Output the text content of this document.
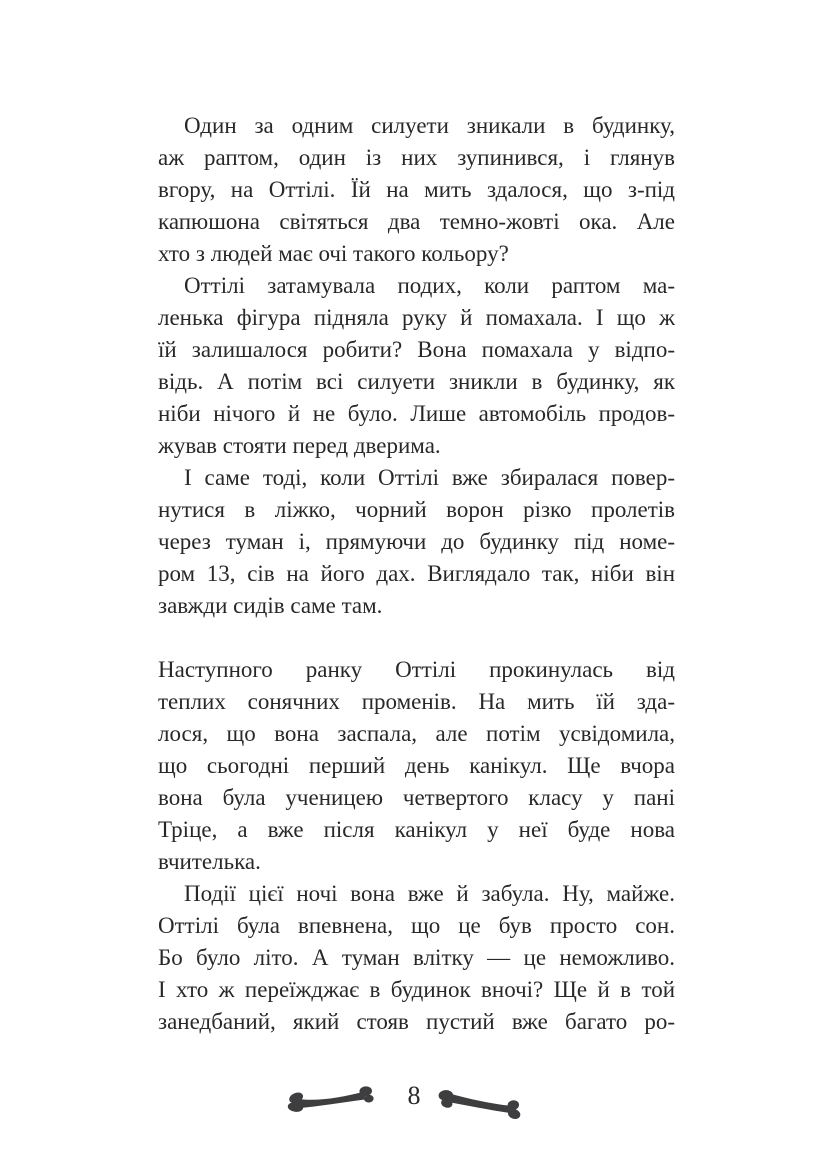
Один за одним силуети зникали в будинку,
аж раптом, один із них зупинився, і глянув
вгору, на Оттілі. Їй на мить здалося, що з-під
капюшона світяться два темно-жовті ока. Але
хто з людей має очі такого кольору?

Оттілі затамувала подих, коли раптом ма-
ленька фігура підняла руку й помахала. І що ж
їй залишалося робити? Вона помахала у відпо-
відь. А потім всі силуети зникли в будинку, як
ніби нічого й не було. Лише автомобіль продов-
жував стояти перед дверима.

І саме тоді, коли Оттілі вже збиралася повер-
нутися в ліжко, чорний ворон різко пролетів
через туман і, прямуючи до будинку під номе-
ром 13, сів на його дах. Виглядало так, ніби він
завжди сидів саме там.

Наступного ранку Оттілі прокинулась від
теплих сонячних променів. На мить їй зда-
лося, що вона заспала, але потім усвідомила,
що сьогодні перший день канікул. Ще вчора
вона була ученицею четвертого класу у пані
Тріце, а вже після канікул у неї буде нова
вчителька.

Події цієї ночі вона вже й забула. Ну, майже.
Оттілі була впевнена, що це був просто сон.
Бо було літо. А туман влітку — це неможливо.
І хто ж переїжджає в будинок вночі? Ще й в той
занедбаний, який стояв пустий вже багато ро-

8
